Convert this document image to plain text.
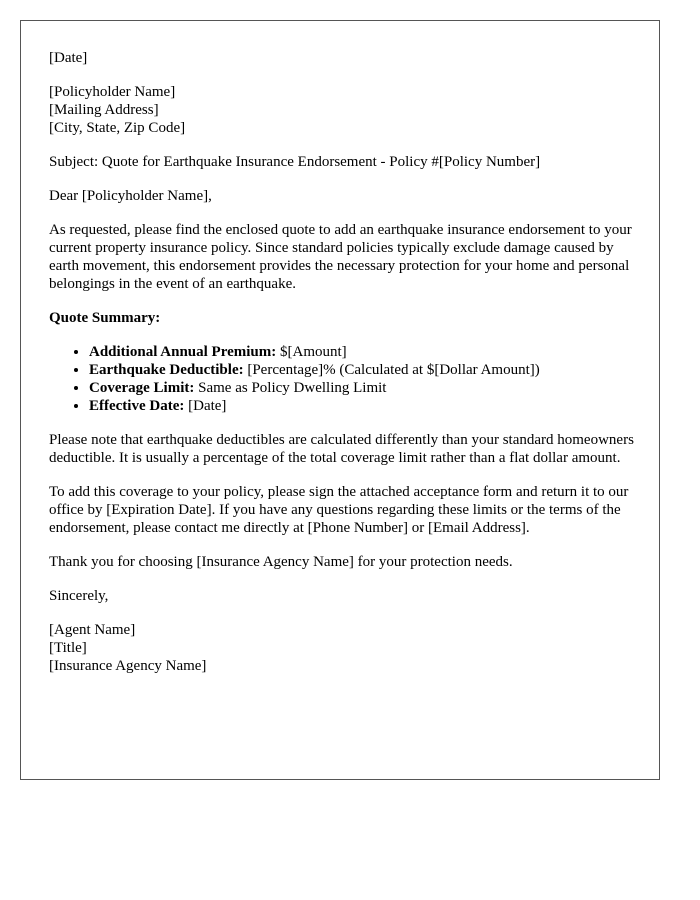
[Date]

[Policyholder Name]
[Mailing Address]
[City, State, Zip Code]

Subject: Quote for Earthquake Insurance Endorsement - Policy #[Policy Number]

Dear [Policyholder Name],

As requested, please find the enclosed quote to add an earthquake insurance endorsement to your current property insurance policy. Since standard policies typically exclude damage caused by earth movement, this endorsement provides the necessary protection for your home and personal belongings in the event of an earthquake.

Quote Summary:

• Additional Annual Premium: $[Amount]
• Earthquake Deductible: [Percentage]% (Calculated at $[Dollar Amount])
• Coverage Limit: Same as Policy Dwelling Limit
• Effective Date: [Date]

Please note that earthquake deductibles are calculated differently than your standard homeowners deductible. It is usually a percentage of the total coverage limit rather than a flat dollar amount.

To add this coverage to your policy, please sign the attached acceptance form and return it to our office by [Expiration Date]. If you have any questions regarding these limits or the terms of the endorsement, please contact me directly at [Phone Number] or [Email Address].

Thank you for choosing [Insurance Agency Name] for your protection needs.

Sincerely,

[Agent Name]
[Title]
[Insurance Agency Name]
